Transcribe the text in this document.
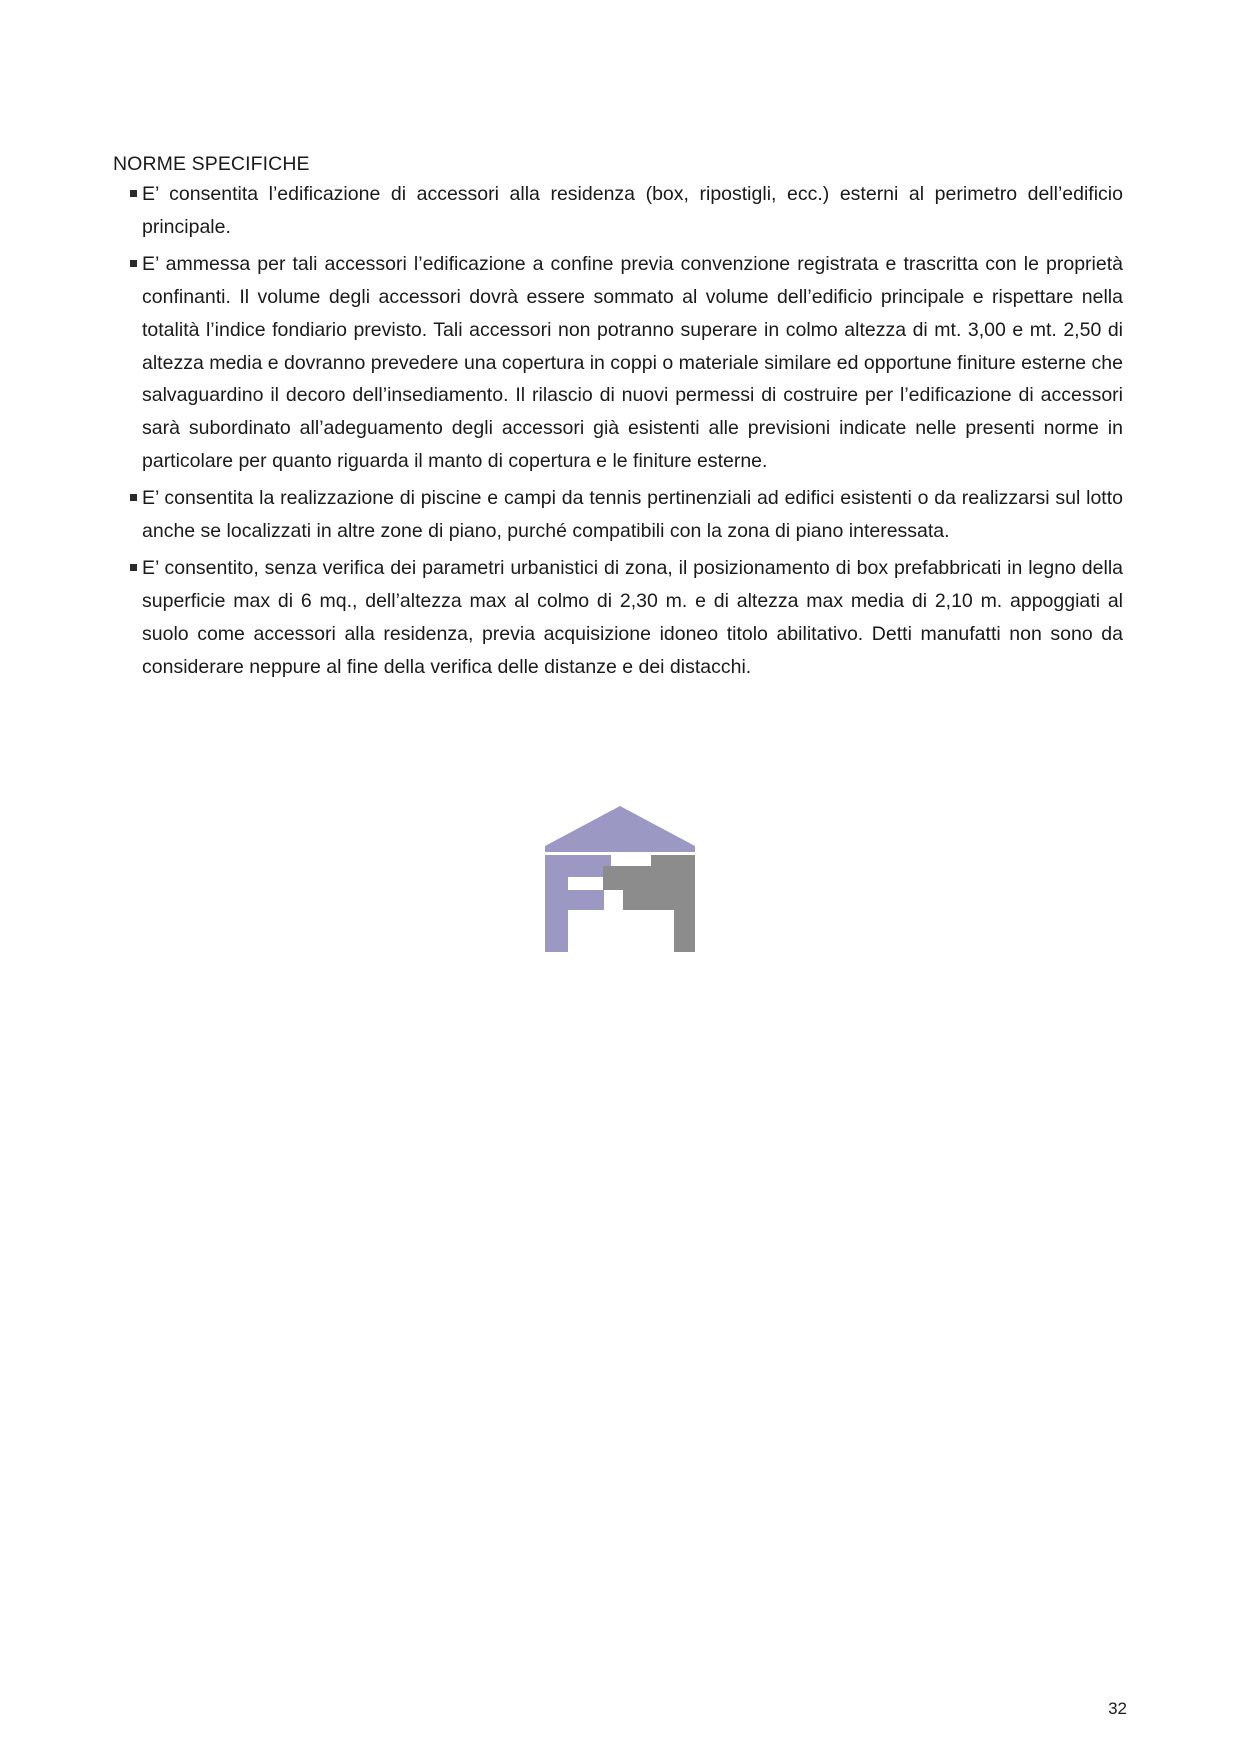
NORME SPECIFICHE
E’ consentita l’edificazione di accessori alla residenza (box, ripostigli, ecc.) esterni al perimetro dell’edificio principale.
E’ ammessa per tali accessori l’edificazione a confine previa convenzione registrata e trascritta con le proprietà confinanti. Il volume degli accessori dovrà essere sommato al volume dell’edificio principale e rispettare nella totalità l’indice fondiario previsto. Tali accessori non potranno superare in colmo altezza di mt. 3,00 e mt. 2,50 di altezza media e dovranno prevedere una copertura in coppi o materiale similare ed opportune finiture esterne che salvaguardino il decoro dell’insediamento. Il rilascio di nuovi permessi di costruire per l’edificazione di accessori sarà subordinato all’adeguamento degli accessori già esistenti alle previsioni indicate nelle presenti norme in particolare per quanto riguarda il manto di copertura e le finiture esterne.
E’ consentita la realizzazione di piscine e campi da tennis pertinenziali ad edifici esistenti o da realizzarsi sul lotto anche se localizzati in altre zone di piano, purché compatibili con la zona di piano interessata.
E’ consentito, senza verifica dei parametri urbanistici di zona, il posizionamento di box prefabbricati in legno della superficie max di 6 mq., dell’altezza max al colmo di 2,30 m. e di altezza max media di 2,10 m. appoggiati al suolo come accessori alla residenza, previa acquisizione idoneo titolo abilitativo. Detti manufatti non sono da considerare neppure al fine della verifica delle distanze e dei distacchi.
EffePi
IMMOBILIARE
32
